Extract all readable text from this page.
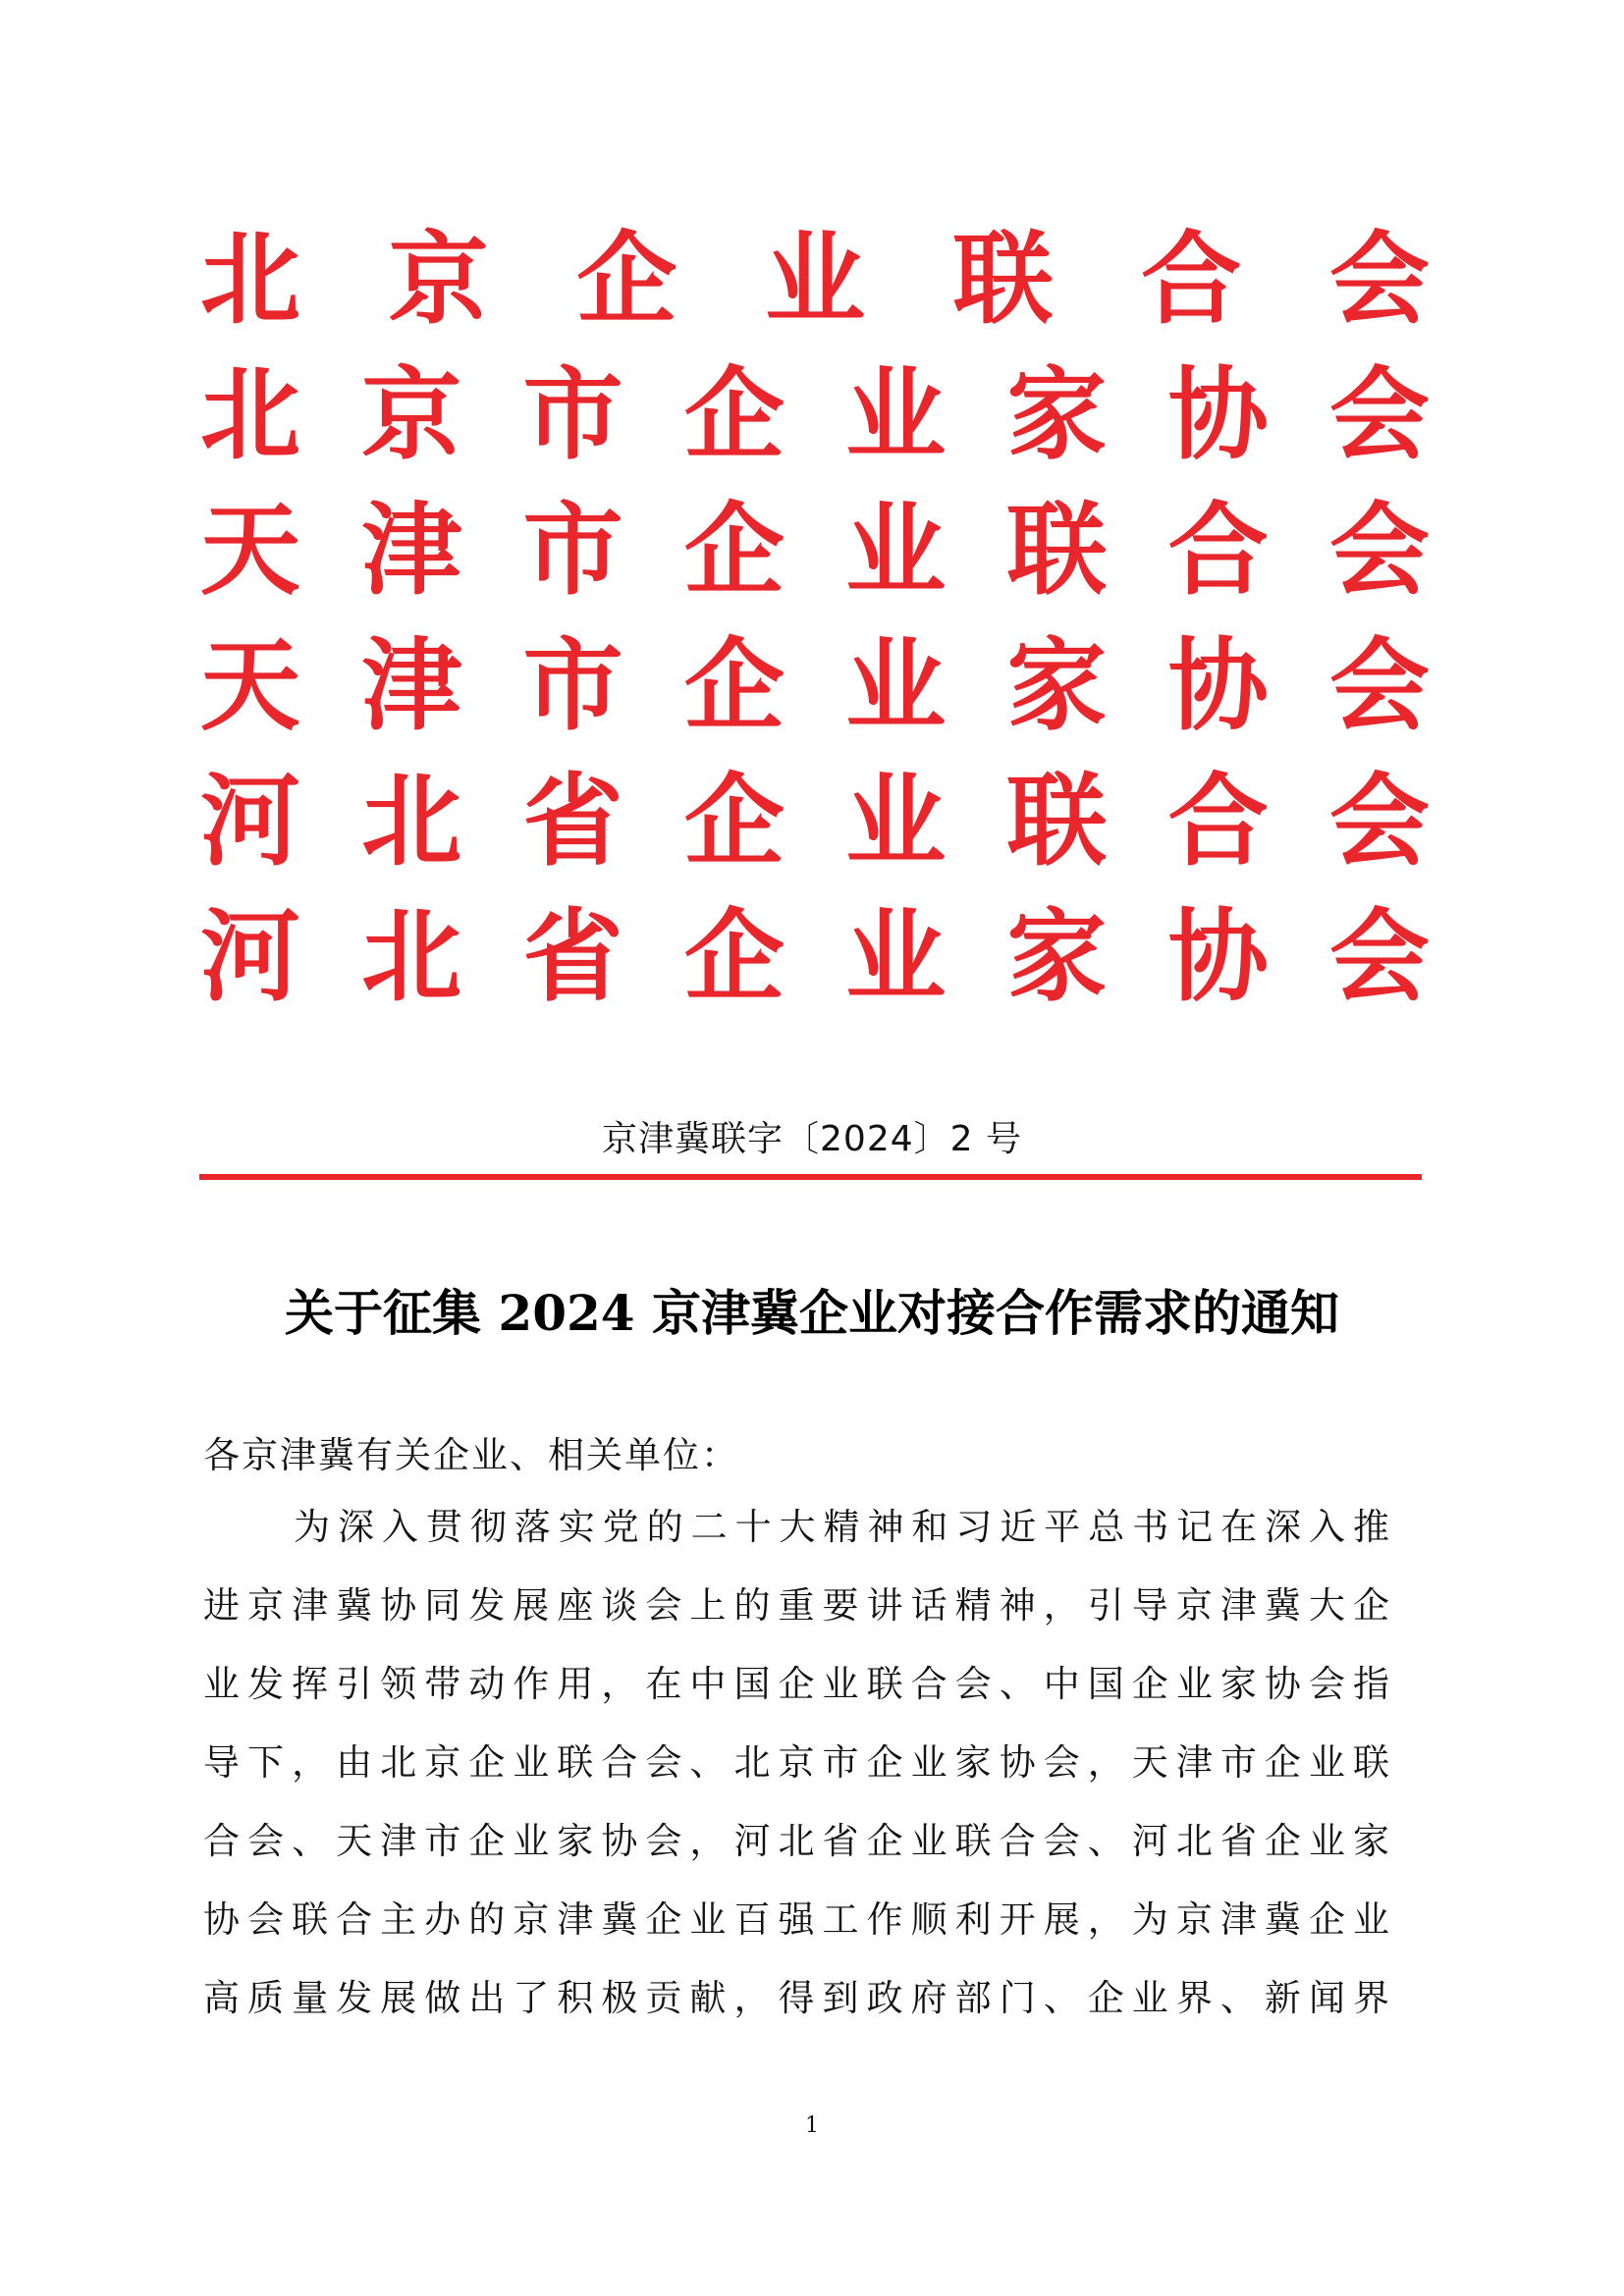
北 京 企 业 联 合 会
北 京 市 企 业 家 协 会
天 津 市 企 业 联 合 会
天 津 市 企 业 家 协 会
河 北 省 企 业 联 合 会
河 北 省 企 业 家 协 会
京津冀联字〔2024〕2 号
关于征集 2024 京津冀企业对接合作需求的通知
各京津冀有关企业、相关单位：
为深入贯彻落实党的二十大精神和习近平总书记在深入推
进京津冀协同发展座谈会上的重要讲话精神，引导京津冀大企
业发挥引领带动作用，在中国企业联合会、中国企业家协会指
导下，由北京企业联合会、北京市企业家协会，天津市企业联
合会、天津市企业家协会，河北省企业联合会、河北省企业家
协会联合主办的京津冀企业百强工作顺利开展，为京津冀企业
高质量发展做出了积极贡献，得到政府部门、企业界、新闻界
1
